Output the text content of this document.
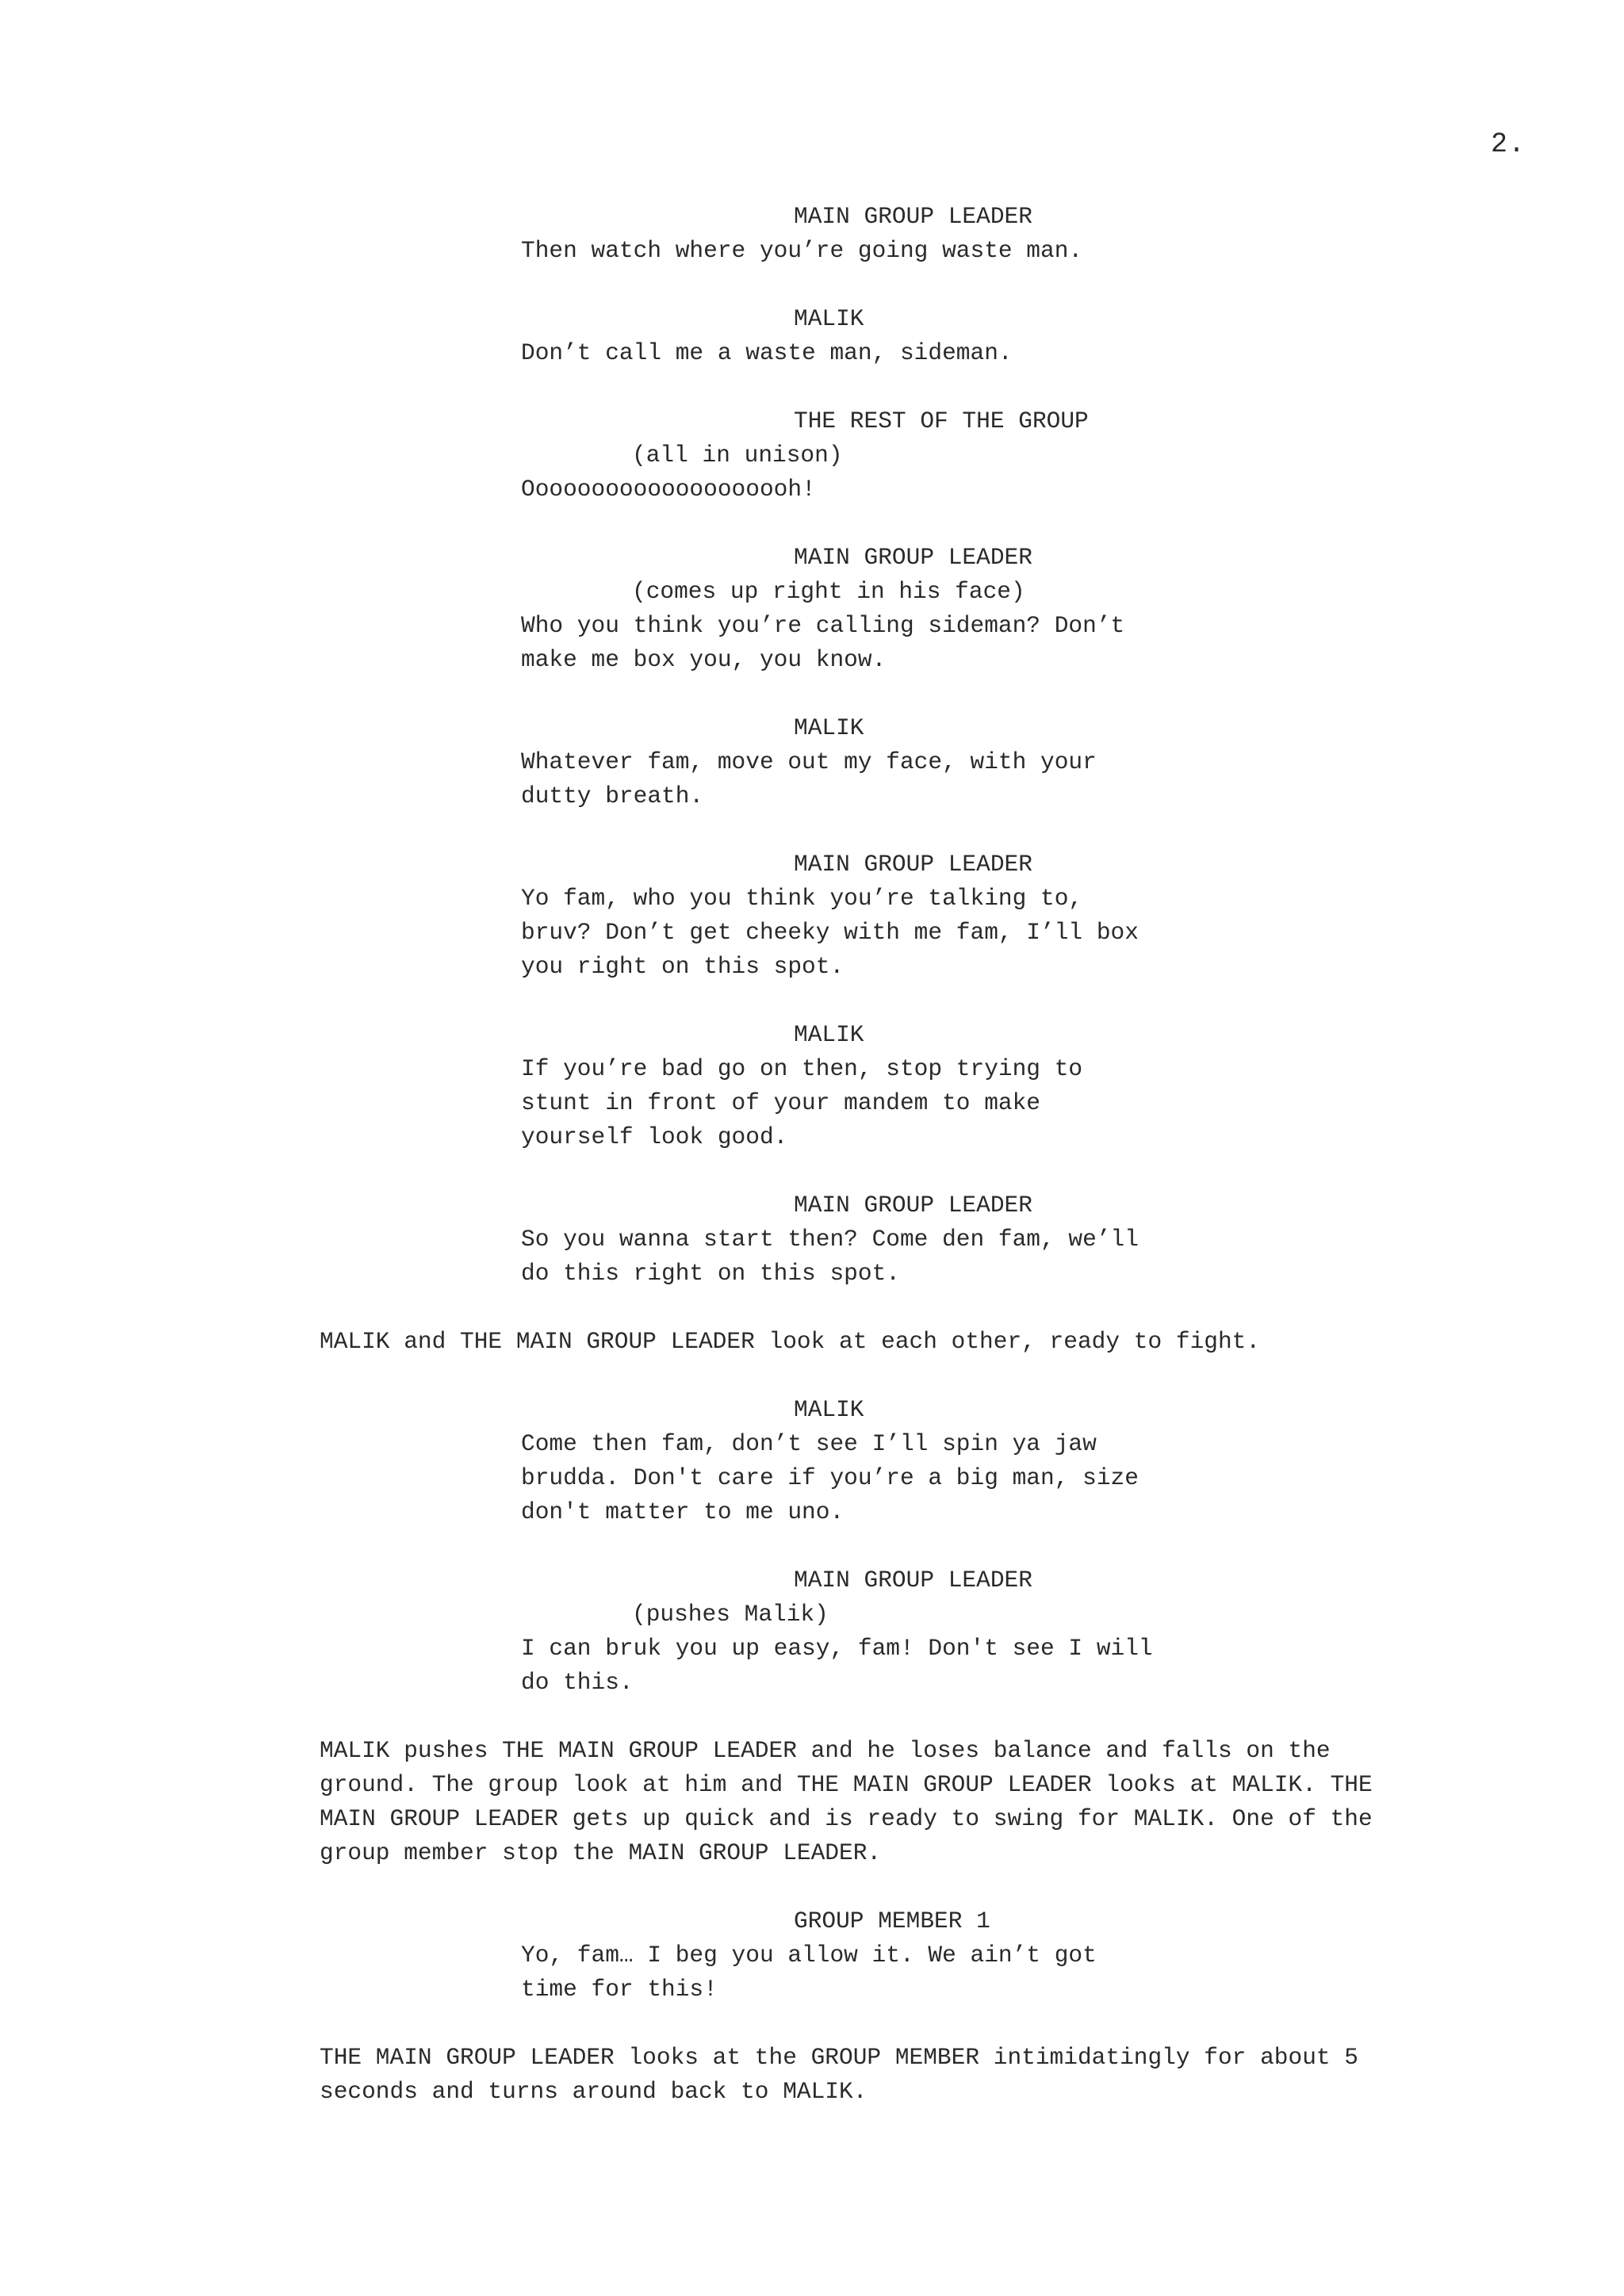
2.
MAIN GROUP LEADER
Then watch where you’re going waste man.
MALIK
Don’t call me a waste man, sideman.
THE REST OF THE GROUP
(all in unison)
Oooooooooooooooooooh!
MAIN GROUP LEADER
(comes up right in his face)
Who you think you’re calling sideman? Don’t
make me box you, you know.
MALIK
Whatever fam, move out my face, with your
dutty breath.
MAIN GROUP LEADER
Yo fam, who you think you’re talking to,
bruv? Don’t get cheeky with me fam, I’ll box
you right on this spot.
MALIK
If you’re bad go on then, stop trying to
stunt in front of your mandem to make
yourself look good.
MAIN GROUP LEADER
So you wanna start then? Come den fam, we’ll
do this right on this spot.
MALIK and THE MAIN GROUP LEADER look at each other, ready to fight.
MALIK
Come then fam, don’t see I’ll spin ya jaw
brudda. Don't care if you’re a big man, size
don't matter to me uno.
MAIN GROUP LEADER
(pushes Malik)
I can bruk you up easy, fam! Don't see I will
do this.
MALIK pushes THE MAIN GROUP LEADER and he loses balance and falls on the
ground. The group look at him and THE MAIN GROUP LEADER looks at MALIK. THE
MAIN GROUP LEADER gets up quick and is ready to swing for MALIK. One of the
group member stop the MAIN GROUP LEADER.
GROUP MEMBER 1
Yo, fam… I beg you allow it. We ain’t got
time for this!
THE MAIN GROUP LEADER looks at the GROUP MEMBER intimidatingly for about 5
seconds and turns around back to MALIK.
